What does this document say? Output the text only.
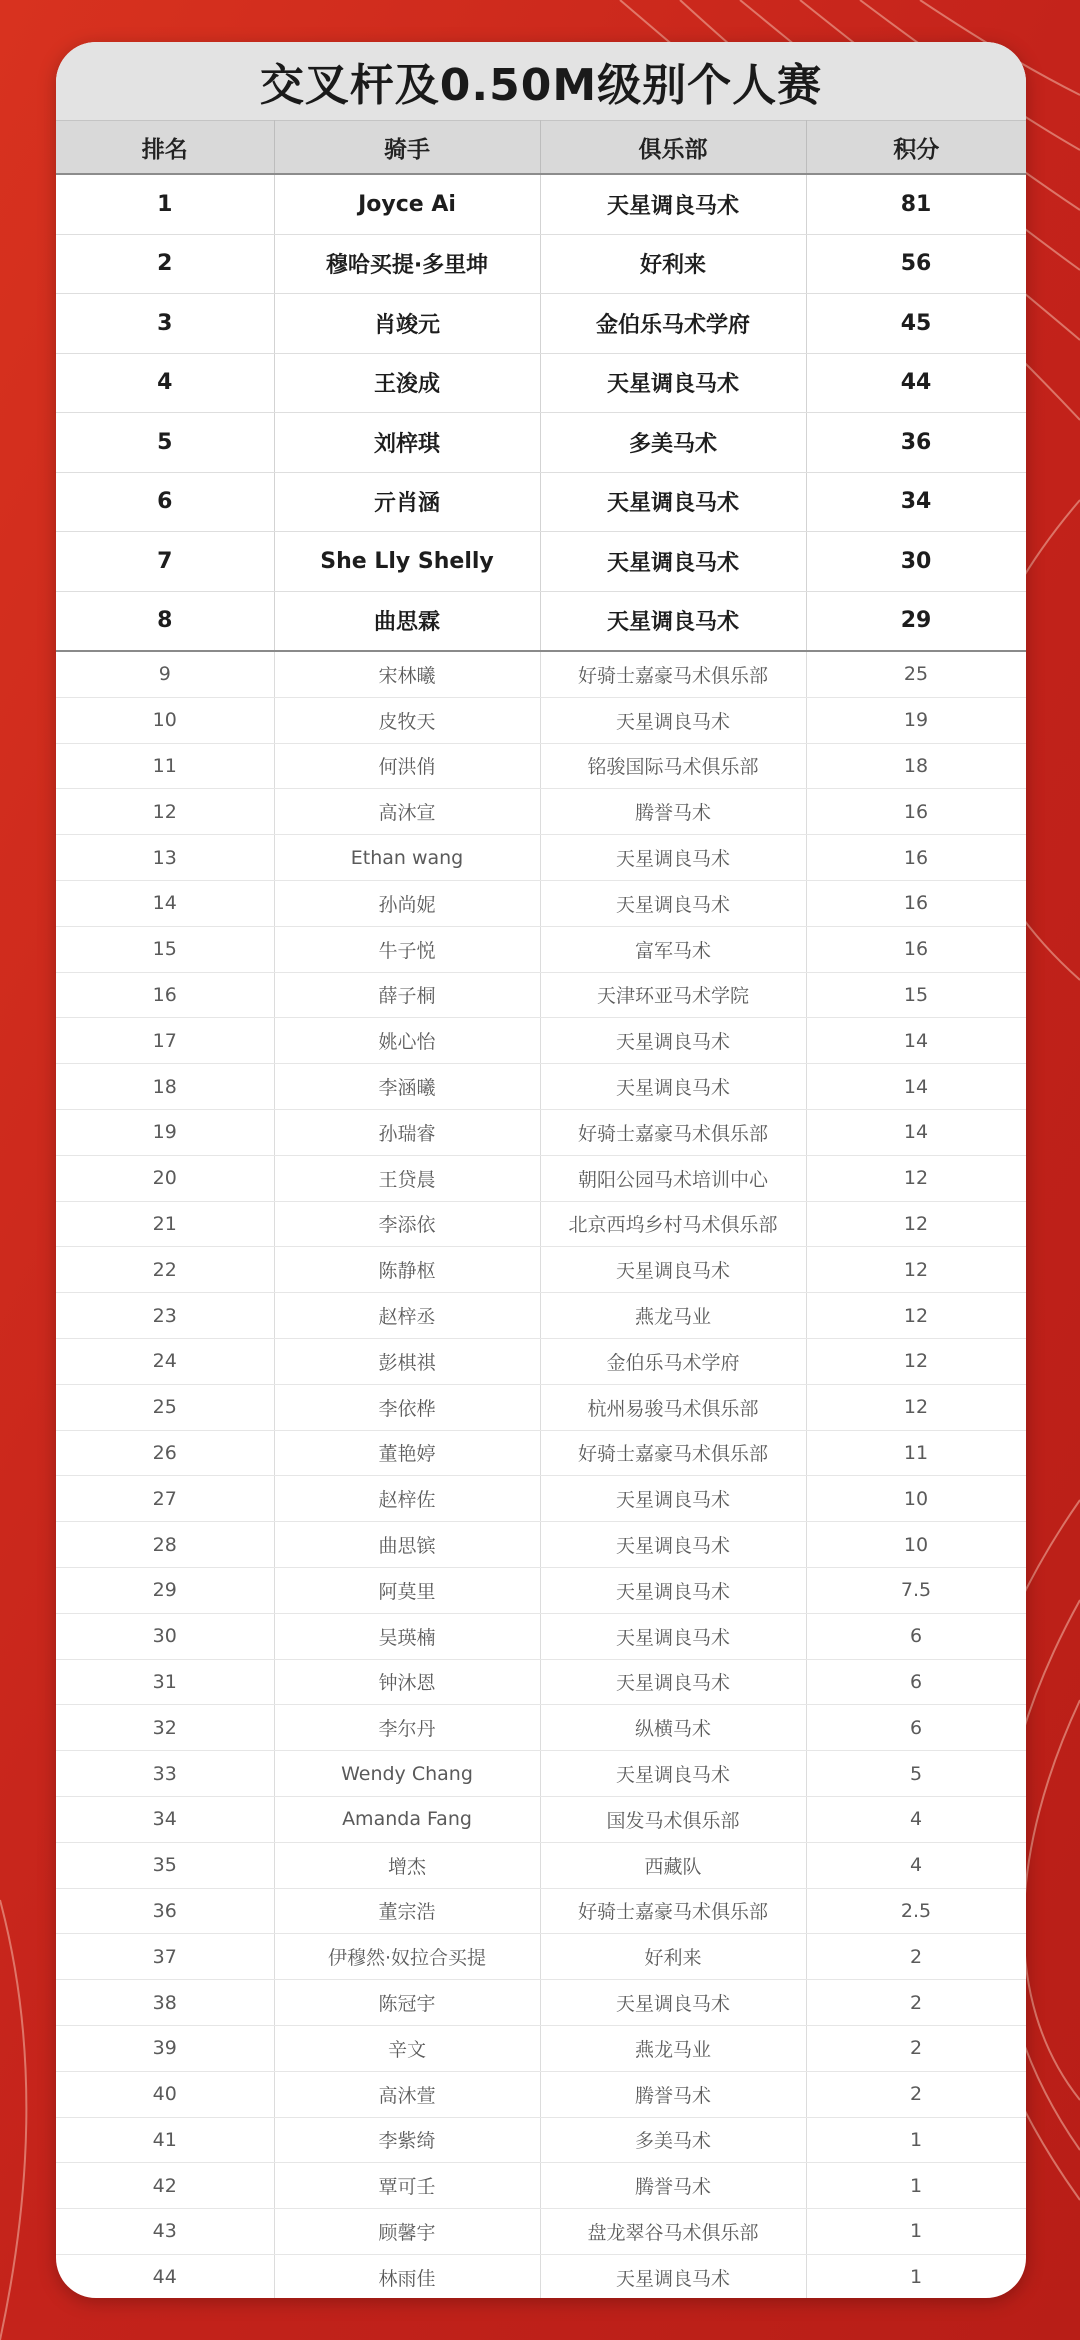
交叉杆及0.50M级别个人赛
排名	骑手	俱乐部	积分
1	Joyce Ai	天星调良马术	81
2	穆哈买提·多里坤	好利来	56
3	肖竣元	金伯乐马术学府	45
4	王浚成	天星调良马术	44
5	刘梓琪	多美马术	36
6	亓肖涵	天星调良马术	34
7	She Lly Shelly	天星调良马术	30
8	曲思霖	天星调良马术	29
9	宋林曦	好骑士嘉豪马术俱乐部	25
10	皮牧天	天星调良马术	19
11	何洪俏	铭骏国际马术俱乐部	18
12	高沐宣	腾誉马术	16
13	Ethan wang	天星调良马术	16
14	孙尚妮	天星调良马术	16
15	牛子悦	富军马术	16
16	薛子桐	天津环亚马术学院	15
17	姚心怡	天星调良马术	14
18	李涵曦	天星调良马术	14
19	孙瑞睿	好骑士嘉豪马术俱乐部	14
20	王贷晨	朝阳公园马术培训中心	12
21	李添依	北京西坞乡村马术俱乐部	12
22	陈静枢	天星调良马术	12
23	赵梓丞	燕龙马业	12
24	彭棋祺	金伯乐马术学府	12
25	李依桦	杭州易骏马术俱乐部	12
26	董艳婷	好骑士嘉豪马术俱乐部	11
27	赵梓佐	天星调良马术	10
28	曲思镔	天星调良马术	10
29	阿莫里	天星调良马术	7.5
30	吴瑛楠	天星调良马术	6
31	钟沐恩	天星调良马术	6
32	李尔丹	纵横马术	6
33	Wendy Chang	天星调良马术	5
34	Amanda Fang	国发马术俱乐部	4
35	增杰	西藏队	4
36	董宗浩	好骑士嘉豪马术俱乐部	2.5
37	伊穆然·奴拉合买提	好利来	2
38	陈冠宇	天星调良马术	2
39	辛文	燕龙马业	2
40	高沐萱	腾誉马术	2
41	李紫绮	多美马术	1
42	覃可壬	腾誉马术	1
43	顾馨宇	盘龙翠谷马术俱乐部	1
44	林雨佳	天星调良马术	1
